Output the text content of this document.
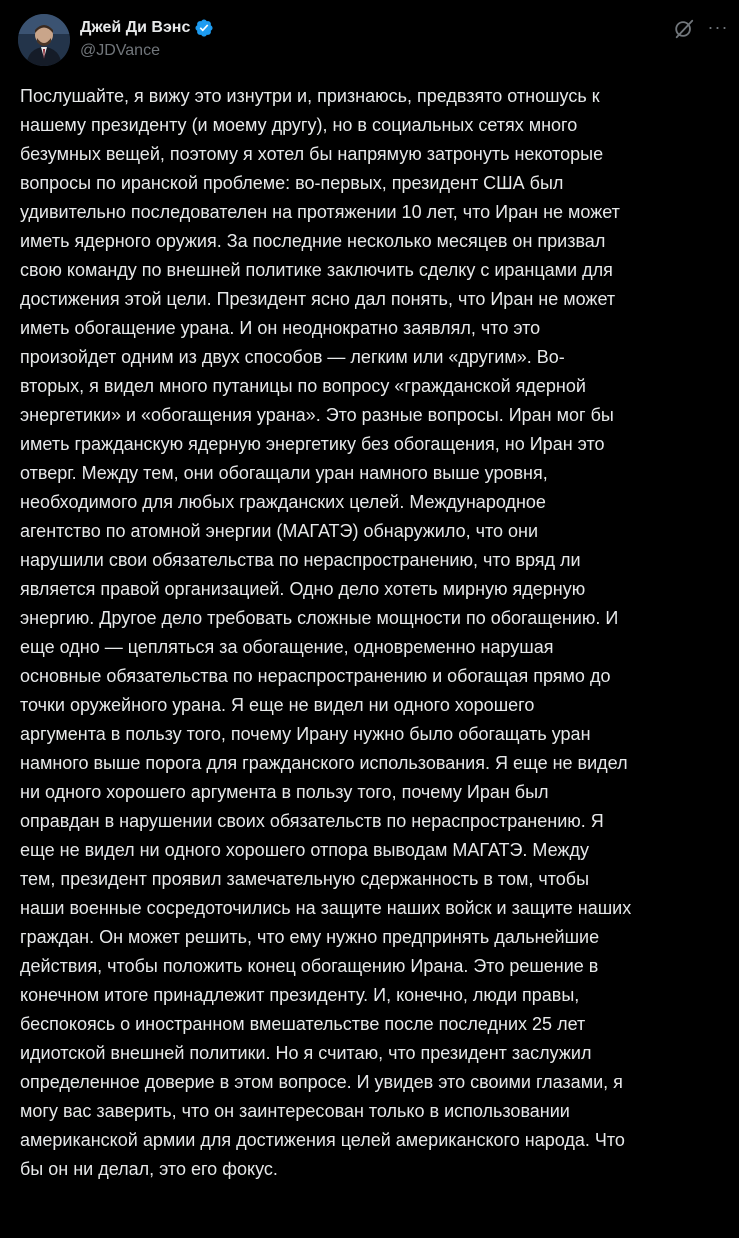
Джей Ди Вэнс
@JDVance
···
Послушайте, я вижу это изнутри и, признаюсь, предвзято отношусь к
нашему президенту (и моему другу), но в социальных сетях много
безумных вещей, поэтому я хотел бы напрямую затронуть некоторые
вопросы по иранской проблеме: во-первых, президент США был
удивительно последователен на протяжении 10 лет, что Иран не может
иметь ядерного оружия. За последние несколько месяцев он призвал
свою команду по внешней политике заключить сделку с иранцами для
достижения этой цели. Президент ясно дал понять, что Иран не может
иметь обогащение урана. И он неоднократно заявлял, что это
произойдет одним из двух способов — легким или «другим». Во-
вторых, я видел много путаницы по вопросу «гражданской ядерной
энергетики» и «обогащения урана». Это разные вопросы. Иран мог бы
иметь гражданскую ядерную энергетику без обогащения, но Иран это
отверг. Между тем, они обогащали уран намного выше уровня,
необходимого для любых гражданских целей. Международное
агентство по атомной энергии (МАГАТЭ) обнаружило, что они
нарушили свои обязательства по нераспространению, что вряд ли
является правой организацией. Одно дело хотеть мирную ядерную
энергию. Другое дело требовать сложные мощности по обогащению. И
еще одно — цепляться за обогащение, одновременно нарушая
основные обязательства по нераспространению и обогащая прямо до
точки оружейного урана. Я еще не видел ни одного хорошего
аргумента в пользу того, почему Ирану нужно было обогащать уран
намного выше порога для гражданского использования. Я еще не видел
ни одного хорошего аргумента в пользу того, почему Иран был
оправдан в нарушении своих обязательств по нераспространению. Я
еще не видел ни одного хорошего отпора выводам МАГАТЭ. Между
тем, президент проявил замечательную сдержанность в том, чтобы
наши военные сосредоточились на защите наших войск и защите наших
граждан. Он может решить, что ему нужно предпринять дальнейшие
действия, чтобы положить конец обогащению Ирана. Это решение в
конечном итоге принадлежит президенту. И, конечно, люди правы,
беспокоясь о иностранном вмешательстве после последних 25 лет
идиотской внешней политики. Но я считаю, что президент заслужил
определенное доверие в этом вопросе. И увидев это своими глазами, я
могу вас заверить, что он заинтересован только в использовании
американской армии для достижения целей американского народа. Что
бы он ни делал, это его фокус.
